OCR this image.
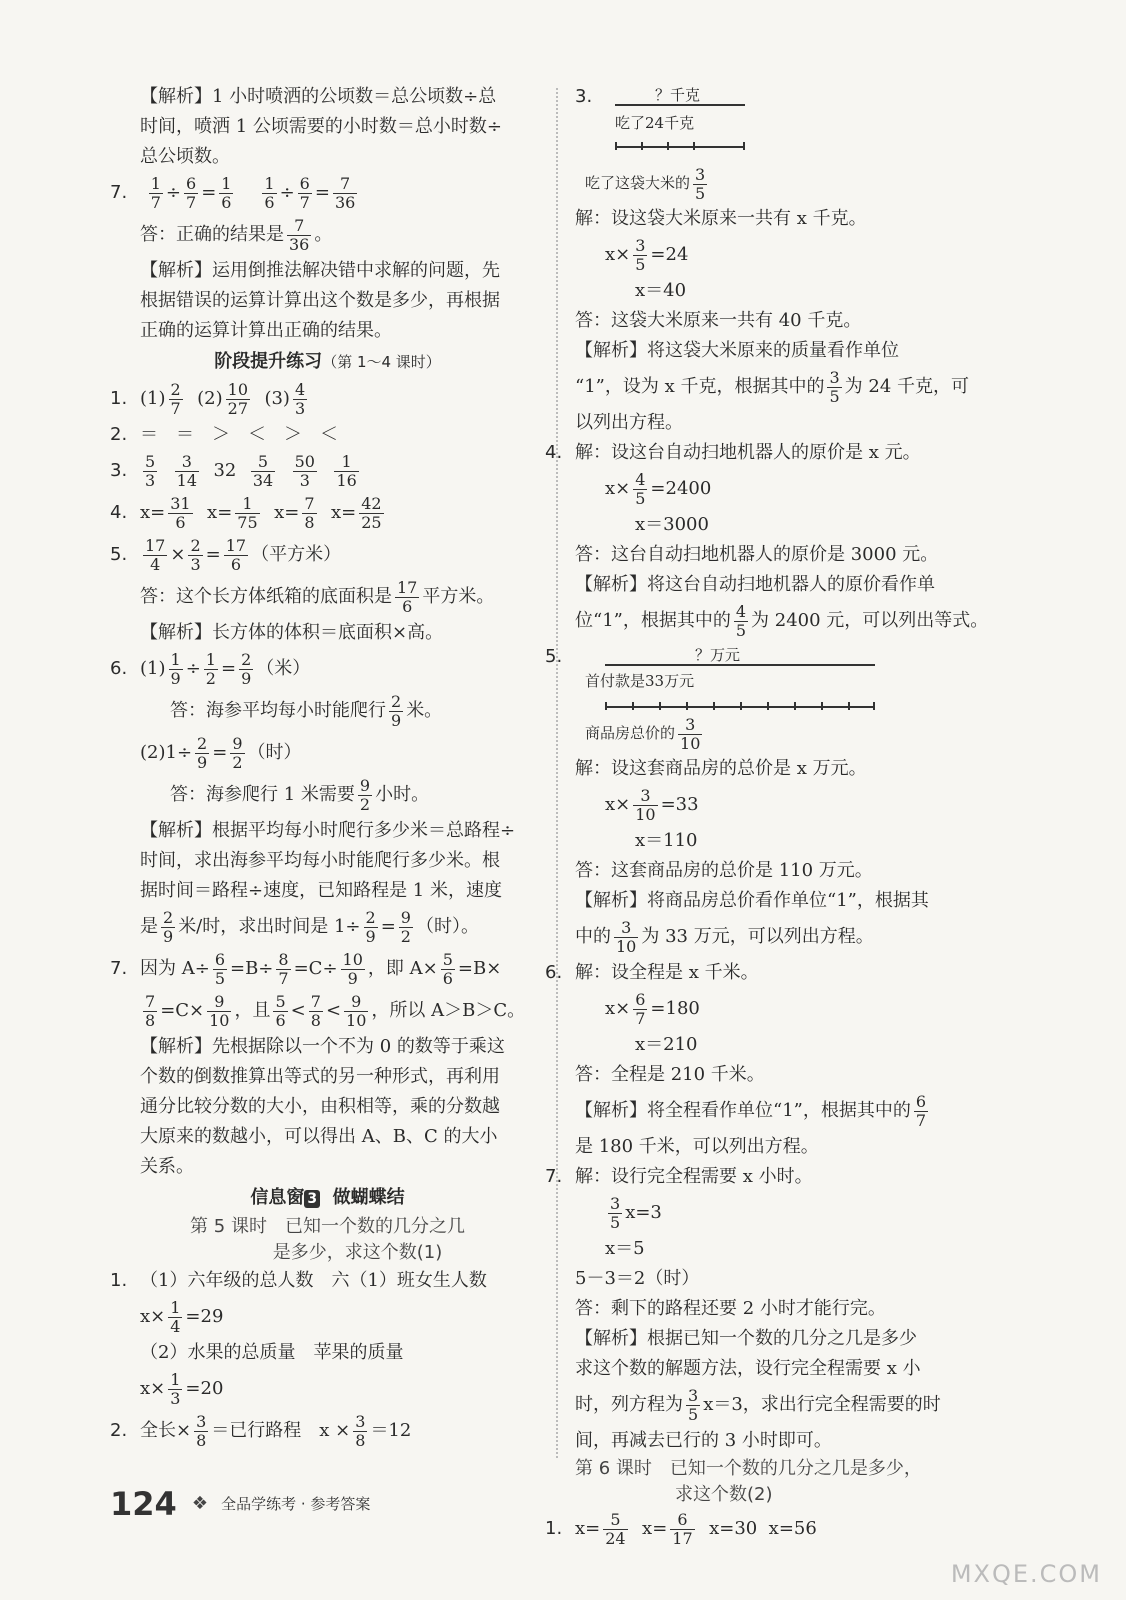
【解析】1 小时喷洒的公顷数＝总公顷数÷总
时间，喷洒 1 公顷需要的小时数＝总小时数÷
总公顷数。
7. $\frac{1}{7} \div \frac{6}{7} = \frac{1}{6}$
$\frac{1}{6} \div \frac{6}{7} = \frac{7}{36}$
答：正确的结果是 $\frac{7}{36}$ 。
【解析】运用倒推法解决错中求解的问题，先
根据错误的运算计算出这个数是多少，再根据
正确的运算计算出正确的结果。
阶段提升练习（第 1～4 课时）
1. $(1) \frac{2}{7} (2) \frac{10}{27} (3) \frac{4}{3}$
2. ＝　＝　＞　＜　＞　＜
3. $\frac{5}{3}$
$\frac{3}{14} 32 \frac{5}{34}$
$\frac{50}{3}$
$\frac{1}{16}$
4. $x= \frac{31}{6} x= \frac{1}{75} x= \frac{7}{8} x= \frac{42}{25}$
5. $\frac{17}{4} \times \frac{2}{3} = \frac{17}{6}$ （平方米）
答：这个长方体纸箱的底面积是 $\frac{17}{6}$ 平方米。
【解析】长方体的体积＝底面积×高。
6. $(1) \frac{1}{9} \div \frac{1}{2} = \frac{2}{9}$ （米）
答：海参平均每小时能爬行 $\frac{2}{9}$ 米。
$(2)1\div \frac{2}{9} = \frac{9}{2}$ （时）
答：海参爬行 1 米需要 $\frac{9}{2}$ 小时。
【解析】根据平均每小时爬行多少米＝总路程÷
时间，求出海参平均每小时能爬行多少米。根
据时间＝路程÷速度，已知路程是 1 米，速度
是 $\frac{2}{9}$ 米/时，求出时间是 $1\div \frac{2}{9} = \frac{9}{2}$ （时）。
7. 因为 $A\div \frac{6}{5} =B\div \frac{8}{7} =C\div \frac{10}{9}$ ，即 $A\times \frac{5}{6} =B\times$
$\frac{7}{8} =C\times \frac{9}{10}$ ，且 $\frac{5}{6} < \frac{7}{8} < \frac{9}{10}$ ，所以 A＞B＞C。
【解析】先根据除以一个不为 0 的数等于乘这
个数的倒数推算出等式的另一种形式，再利用
通分比较分数的大小，由积相等，乘的分数越
大原来的数越小，可以得出 A、B、C 的大小
关系。
信息窗 3 做蝴蝶结
第 5 课时　已知一个数的几分之几
是多少，求这个数(1)
1. （1）六年级的总人数　六（1）班女生人数
$x\times \frac{1}{4} =29$
（2）水果的总质量　苹果的质量
$x\times \frac{1}{3} =20$
2. 全长× $\frac{3}{8}$ ＝已行路程　$x \times \frac{3}{8} =12$
3.	？千克
吃了24千克
吃了这袋大米的 $\frac{3}{5}$
解：设这袋大米原来一共有 x 千克。
$x\times \frac{3}{5} =24$
x＝40
答：这袋大米原来一共有 40 千克。
【解析】将这袋大米原来的质量看作单位
“1”，设为 x 千克，根据其中的 $\frac{3}{5}$ 为 24 千克，可
以列出方程。
4. 解：设这台自动扫地机器人的原价是 x 元。
$x\times \frac{4}{5} =2400$
x＝3000
答：这台自动扫地机器人的原价是 3000 元。
【解析】将这台自动扫地机器人的原价看作单
位“1”，根据其中的 $\frac{4}{5}$ 为 2400 元，可以列出等式。
5.	？万元
首付款是33万元
商品房总价的 $\frac{3}{10}$
解：设这套商品房的总价是 x 万元。
$x\times \frac{3}{10} =33$
x＝110
答：这套商品房的总价是 110 万元。
【解析】将商品房总价看作单位“1”，根据其
中的 $\frac{3}{10}$ 为 33 万元，可以列出方程。
6. 解：设全程是 x 千米。
$x\times \frac{6}{7} =180$
x＝210
答：全程是 210 千米。
【解析】将全程看作单位“1”，根据其中的 $\frac{6}{7}$
是 180 千米，可以列出方程。
7. 解：设行完全程需要 x 小时。
$\frac{3}{5} x=3$
x＝5
5－3＝2（时）
答：剩下的路程还要 2 小时才能行完。
【解析】根据已知一个数的几分之几是多少
求这个数的解题方法，设行完全程需要 x 小
时，列方程为 $\frac{3}{5} x=3$，求出行完全程需要的时
间，再减去已行的 3 小时即可。
第 6 课时　已知一个数的几分之几是多少，
求这个数(2)
1. $x= \frac{5}{24} x= \frac{6}{17} x=30$  x=56
124 ❖ 全品学练考 · 参考答案
MXQE.COM
